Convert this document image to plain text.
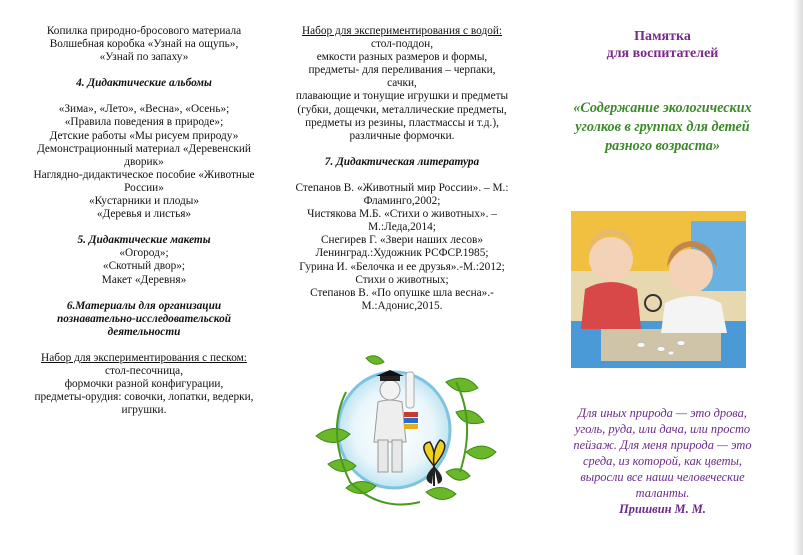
Копилка природно-бросового материала
Волшебная коробка «Узнай на ощупь»,
«Узнай по запаху»
4. Дидактические альбомы
«Зима», «Лето», «Весна», «Осень»;
«Правила поведения в природе»;
Детские работы «Мы рисуем природу»
Демонстрационный материал «Деревенский
дворик»
Наглядно-дидактическое пособие «Животные
России»
«Кустарники и плоды»
«Деревья и листья»
5. Дидактические макеты
«Огород»;
«Скотный двор»;
Макет «Деревня»
6.Материалы для организации
познавательно-исследовательской
деятельности
Набор для экспериментирования с песком:
стол-песочница,
формочки разной конфигурации,
предметы-орудия: совочки, лопатки, ведерки,
игрушки.
Набор для экспериментирования с водой:
стол-поддон,
емкости разных размеров и формы,
предметы- для переливания – черпаки,
сачки,
плавающие и тонущие игрушки и предметы
(губки, дощечки, металлические предметы,
предметы из резины, пластмассы и т.д.),
различные формочки.
7. Дидактическая литература
Степанов В. «Животный мир России». – М.:
Фламинго,2002;
Чистякова М.Б. «Стихи о животных». –
М.:Леда,2014;
Снегирев Г. «Звери наших лесов»
Ленинград.:Художник РСФСР.1985;
Гурина И. «Белочка и ее друзья».-М.:2012;
Стихи о животных;
Степанов В. «По опушке шла весна».-
М.:Адонис,2015.
Памятка
для воспитателей
«Содержание экологических
уголков в группах для детей
разного возраста»
Для иных природа — это дрова,
уголь, руда, или дача, или просто
пейзаж. Для меня природа — это
среда, из которой, как цветы,
выросли все наши человеческие
таланты.
Пришвин М. М.
